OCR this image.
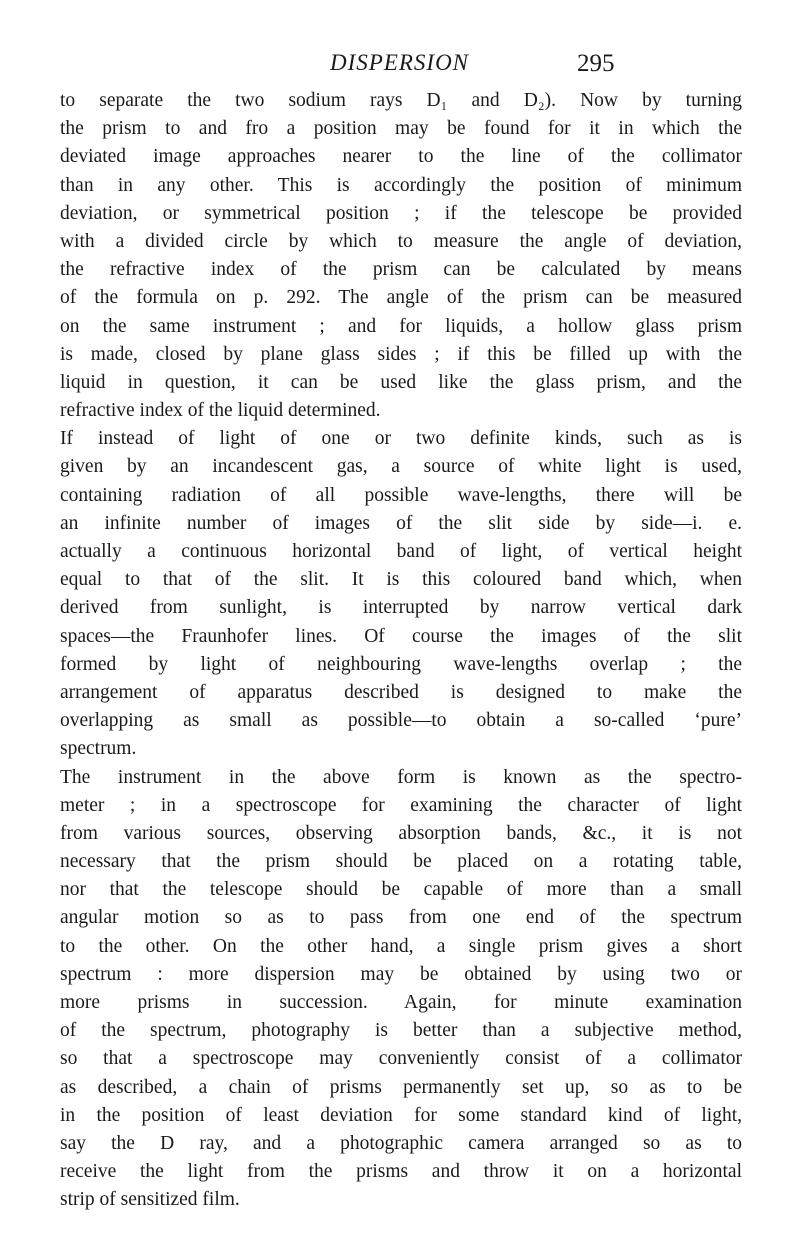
DISPERSION	295
to separate the two sodium rays D₁ and D₂). Now by turning
the prism to and fro a position may be found for it in which the
deviated image approaches nearer to the line of the collimator
than in any other. This is accordingly the position of minimum
deviation, or symmetrical position ; if the telescope be provided
with a divided circle by which to measure the angle of deviation,
the refractive index of the prism can be calculated by means
of the formula on p. 292. The angle of the prism can be measured
on the same instrument ; and for liquids, a hollow glass prism
is made, closed by plane glass sides ; if this be filled up with the
liquid in question, it can be used like the glass prism, and the
refractive index of the liquid determined.
If instead of light of one or two definite kinds, such as is
given by an incandescent gas, a source of white light is used,
containing radiation of all possible wave-lengths, there will be
an infinite number of images of the slit side by side—i. e.
actually a continuous horizontal band of light, of vertical height
equal to that of the slit. It is this coloured band which, when
derived from sunlight, is interrupted by narrow vertical dark
spaces—the Fraunhofer lines. Of course the images of the slit
formed by light of neighbouring wave-lengths overlap ; the
arrangement of apparatus described is designed to make the
overlapping as small as possible—to obtain a so-called ‘pure’
spectrum.
The instrument in the above form is known as the spectro-
meter ; in a spectroscope for examining the character of light
from various sources, observing absorption bands, &c., it is not
necessary that the prism should be placed on a rotating table,
nor that the telescope should be capable of more than a small
angular motion so as to pass from one end of the spectrum
to the other. On the other hand, a single prism gives a short
spectrum : more dispersion may be obtained by using two or
more prisms in succession. Again, for minute examination
of the spectrum, photography is better than a subjective method,
so that a spectroscope may conveniently consist of a collimator
as described, a chain of prisms permanently set up, so as to be
in the position of least deviation for some standard kind of light,
say the D ray, and a photographic camera arranged so as to
receive the light from the prisms and throw it on a horizontal
strip of sensitized film.
